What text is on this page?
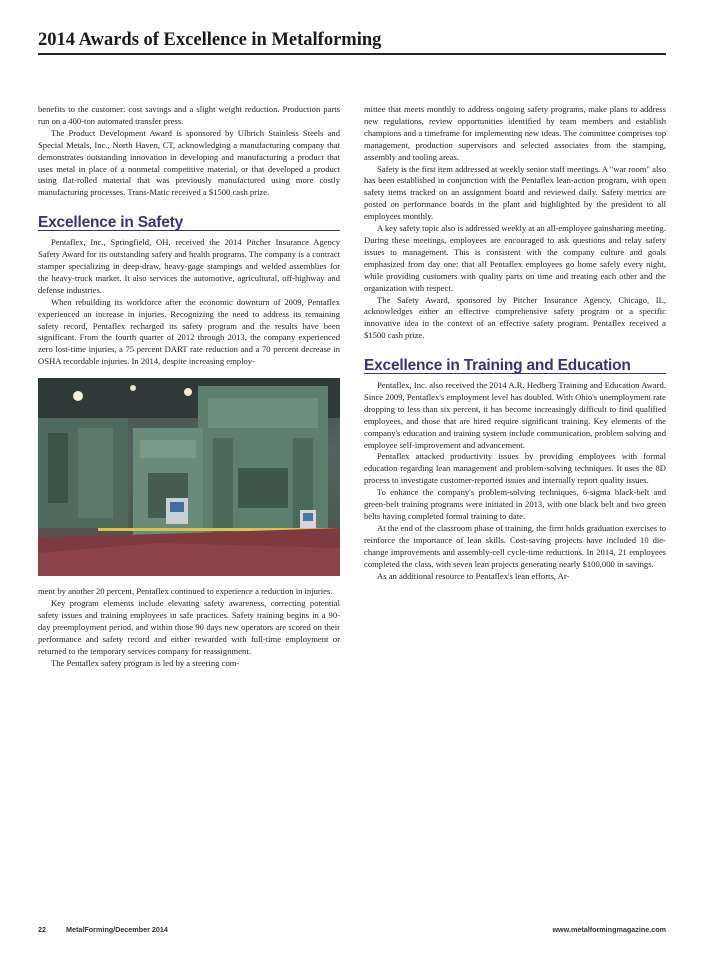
2014 Awards of Excellence in Metalforming

benefits to the customer: cost savings and a slight weight reduction. Production parts run on a 400-ton automated transfer press.

The Product Development Award is sponsored by Ulbrich Stainless Steels and Special Metals, Inc., North Haven, CT, acknowledging a manufacturing company that demonstrates outstanding innovation in developing and manufacturing a product that uses metal in place of a nonmetal competitive material, or that developed a product using flat-rolled material that was previously manufactured using more costly manufacturing processes. Trans-Matic received a $1500 cash prize.

Excellence in Safety

Pentaflex, Inc., Springfield, OH, received the 2014 Pitcher Insurance Agency Safety Award for its outstanding safety and health programs. The company is a contract stamper specializing in deep-draw, heavy-gage stampings and welded assemblies for the heavy-truck market. It also services the automotive, agricultural, off-highway and defense industries.

When rebuilding its workforce after the economic downturn of 2009, Pentaflex experienced an increase in injuries. Recognizing the need to address its remaining safety record, Pentaflex recharged its safety program and the results have been significant. From the fourth quarter of 2012 through 2013, the company experienced zero lost-time injuries, a 75 percent DART rate reduction and a 70 percent decrease in OSHA recordable injuries. In 2014, despite increasing employ-

ment by another 20 percent, Pentaflex continued to experience a reduction in injuries.

Key program elements include elevating safety awareness, correcting potential safety issues and training employees in safe practices. Safety training begins in a 90-day preemployment period, and within those 90 days new operators are scored on their performance and safety record and either rewarded with full-time employment or returned to the temporary services company for reassignment.

The Pentaflex safety program is led by a steering com-

mittee that meets monthly to address ongoing safety programs, make plans to address new regulations, review opportunities identified by team members and establish champions and a timeframe for implementing new ideas. The committee comprises top management, production supervisors and selected associates from the stamping, assembly and tooling areas.

Safety is the first item addressed at weekly senior staff meetings. A "war room" also has been established in conjunction with the Pentaflex lean-action program, with open safety items tracked on an assignment board and reviewed daily. Safety metrics are posted on performance boards in the plant and highlighted by the president to all employees monthly.

A key safety topic also is addressed weekly at an all-employee gainsharing meeting. During these meetings, employees are encouraged to ask questions and relay safety issues to management. This is consistent with the company culture and goals emphasized from day one: that all Pentaflex employees go home safely every night, while providing customers with quality parts on time and treating each other and the organization with respect.

The Safety Award, sponsored by Pitcher Insurance Agency, Chicago, IL, acknowledges either an effective comprehensive safety program or a specific innovative idea in the context of an effective safety program. Pentaflex received a $1500 cash prize.

Excellence in Training and Education

Pentaflex, Inc. also received the 2014 A.R. Hedberg Training and Education Award. Since 2009, Pentaflex's employment level has doubled. With Ohio's unemployment rate dropping to less than six percent, it has become increasingly difficult to find qualified employees, and those that are hired require significant training. Key elements of the company's education and training system include communication, problem solving and employee self-improvement and advancement.

Pentaflex attacked productivity issues by providing employees with formal education regarding lean management and problem-solving techniques. It uses the 8D process to investigate customer-reported issues and internally report quality issues.

To enhance the company's problem-solving techniques, 6-sigma black-belt and green-belt training programs were initiated in 2013, with one black belt and two green belts having completed formal training to date.

At the end of the classroom phase of training, the firm holds graduation exercises to reinforce the importance of lean skills. Cost-saving projects have included 10 die-change improvements and assembly-cell cycle-time reductions. In 2014, 21 employees completed the class, with seven lean projects generating nearly $100,000 in savings.

As an additional resource to Pentaflex's lean efforts, Ar-

22	MetalForming/December 2014	www.metalformingmagazine.com
